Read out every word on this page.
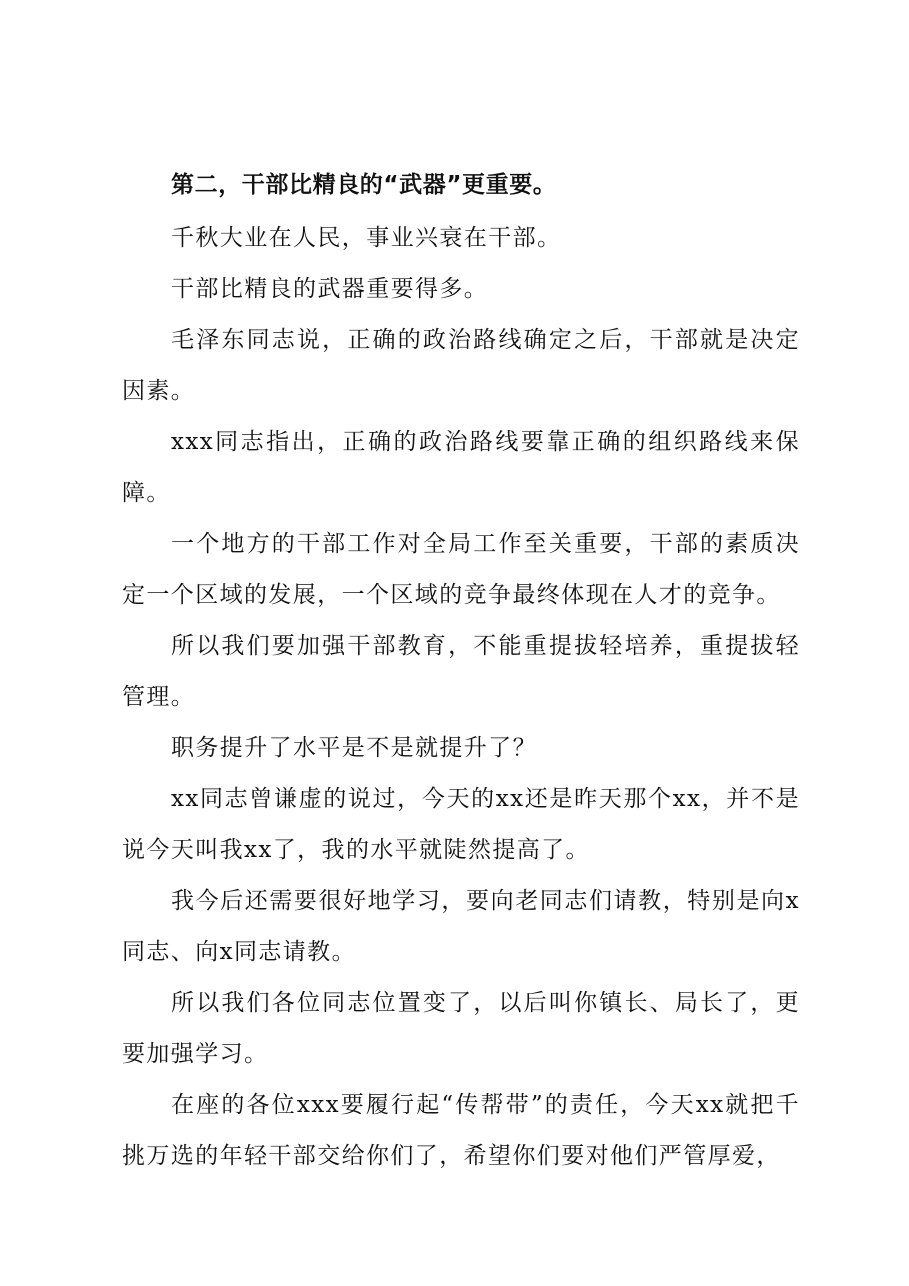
第二，干部比精良的“武器”更重要。

千秋大业在人民，事业兴衰在干部。

干部比精良的武器重要得多。

毛泽东同志说，正确的政治路线确定之后，干部就是决定因素。

xxx同志指出，正确的政治路线要靠正确的组织路线来保障。

一个地方的干部工作对全局工作至关重要，干部的素质决定一个区域的发展，一个区域的竞争最终体现在人才的竞争。

所以我们要加强干部教育，不能重提拔轻培养，重提拔轻管理。

职务提升了水平是不是就提升了？

xx同志曾谦虚的说过，今天的xx还是昨天那个xx，并不是说今天叫我xx了，我的水平就陡然提高了。

我今后还需要很好地学习，要向老同志们请教，特别是向x同志、向x同志请教。

所以我们各位同志位置变了，以后叫你镇长、局长了，更要加强学习。

在座的各位xxx要履行起“传帮带”的责任，今天xx就把千挑万选的年轻干部交给你们了，希望你们要对他们严管厚爱，
